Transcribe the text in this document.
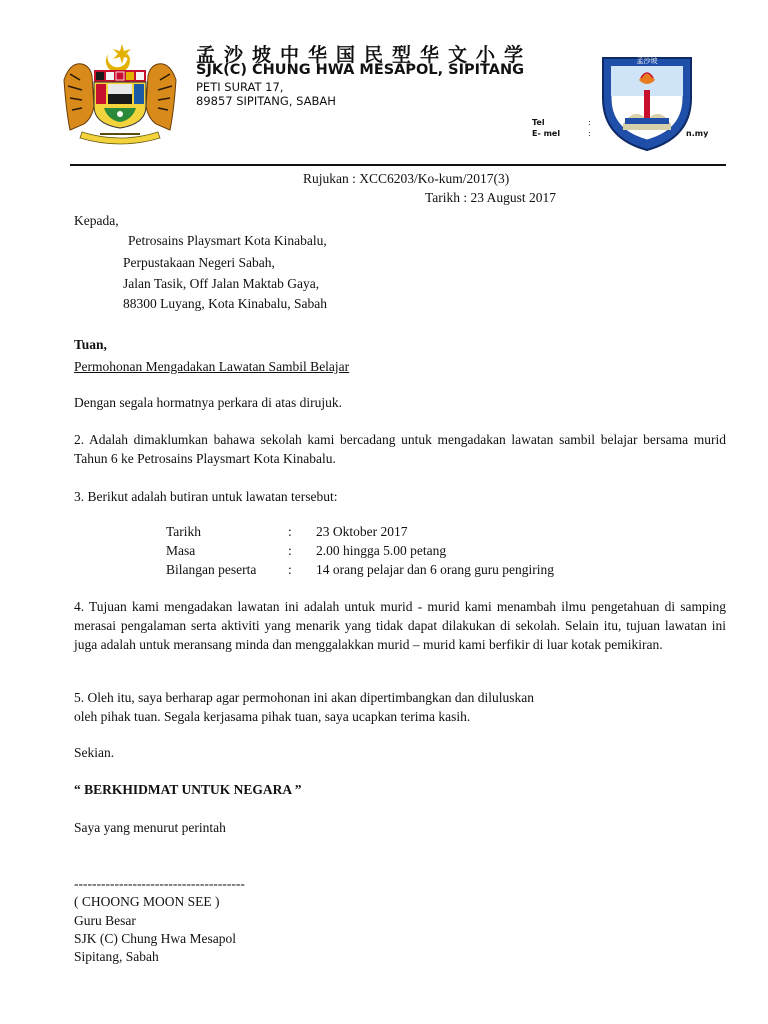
孟沙坡
孟沙坡中华国民型华文小学
SJK(C) CHUNG HWA MESAPOL, SIPITANG
PETI SURAT 17,
89857 SIPITANG, SABAH
Tel	:
E- mel	:	n.my
Rujukan : XCC6203/Ko-kum/2017(3)
Tarikh : 23 August 2017
Kepada,
Petrosains Playsmart Kota Kinabalu,
Perpustakaan Negeri Sabah,
Jalan Tasik, Off Jalan Maktab Gaya,
88300 Luyang, Kota Kinabalu, Sabah
Tuan,
Permohonan Mengadakan Lawatan Sambil Belajar
Dengan segala hormatnya perkara di atas dirujuk.
2. Adalah dimaklumkan bahawa sekolah kami bercadang untuk mengadakan lawatan sambil belajar bersama murid Tahun 6 ke Petrosains Playsmart Kota Kinabalu.
3. Berikut adalah butiran untuk lawatan tersebut:
Tarikh	: 23 Oktober 2017
Masa	: 2.00 hingga 5.00 petang
Bilangan peserta : 14 orang pelajar dan 6 orang guru pengiring
4. Tujuan kami mengadakan lawatan ini adalah untuk murid - murid kami menambah ilmu pengetahuan di samping merasai pengalaman serta aktiviti yang menarik yang tidak dapat dilakukan di sekolah. Selain itu, tujuan lawatan ini juga adalah untuk meransang minda dan menggalakkan murid – murid kami berfikir di luar kotak pemikiran.
5. Oleh itu, saya berharap agar permohonan ini akan dipertimbangkan dan diluluskan
oleh pihak tuan. Segala kerjasama pihak tuan, saya ucapkan terima kasih.
Sekian.
“ BERKHIDMAT UNTUK NEGARA ”
Saya yang menurut perintah
--------------------------------------
( CHOONG MOON SEE )
Guru Besar
SJK (C) Chung Hwa Mesapol
Sipitang, Sabah
